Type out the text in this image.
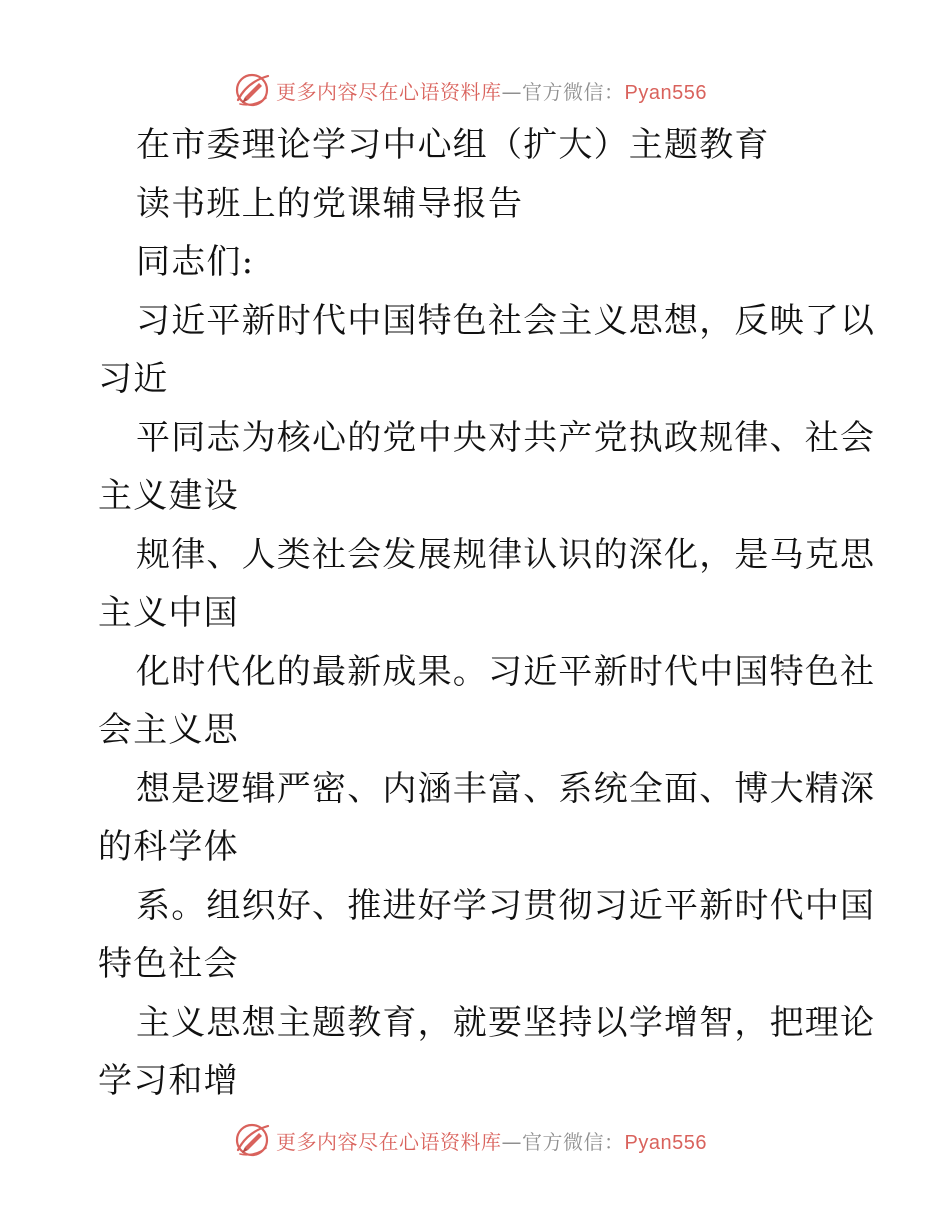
更多内容尽在心语资料库—官方微信：Pyan556
在市委理论学习中心组（扩大）主题教育
读书班上的党课辅导报告
同志们:
习近平新时代中国特色社会主义思想，反映了以
习近
平同志为核心的党中央对共产党执政规律、社会
主义建设
规律、人类社会发展规律认识的深化，是马克思
主义中国
化时代化的最新成果。习近平新时代中国特色社
会主义思
想是逻辑严密、内涵丰富、系统全面、博大精深
的科学体
系。组织好、推进好学习贯彻习近平新时代中国
特色社会
主义思想主题教育，就要坚持以学增智，把理论
学习和增
更多内容尽在心语资料库—官方微信：Pyan556
